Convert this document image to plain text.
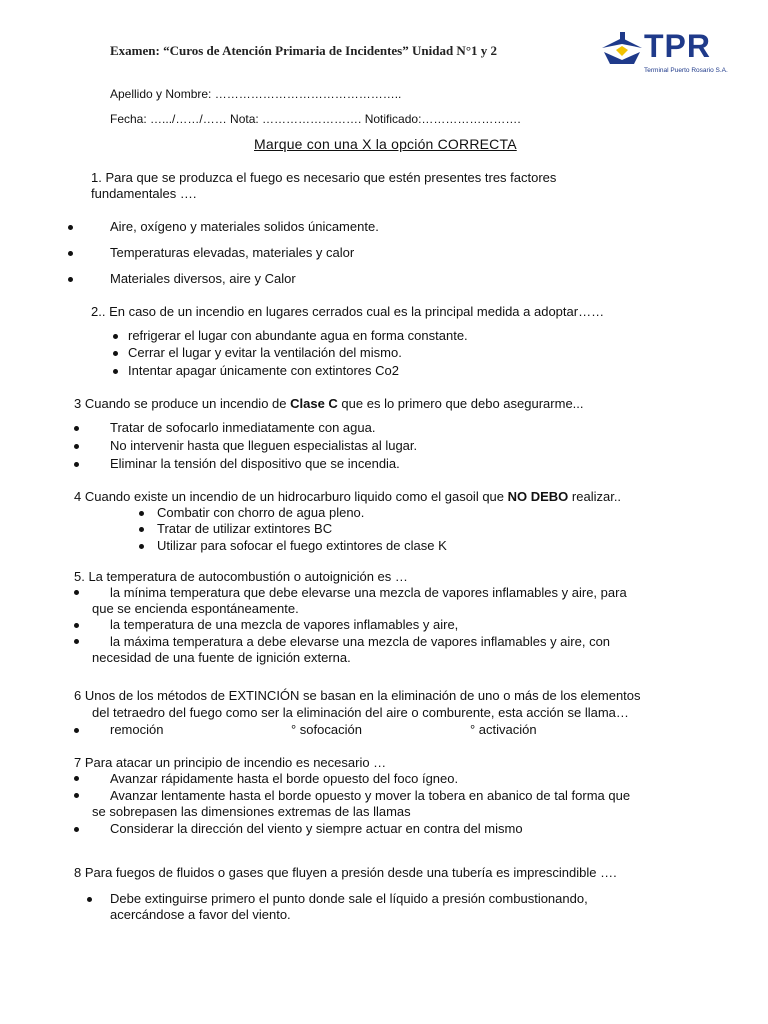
Examen: “Curos de Atención Primaria de Incidentes” Unidad N°1 y 2	TPR
Terminal Puerto Rosario S.A.
Apellido y Nombre: ………………………………………..
Fecha: ….../……/…… Nota: ……………………. Notificado:…………………….
Marque con una X la opción CORRECTA
1. Para que se produzca el fuego es necesario que estén presentes tres factores
fundamentales ….
Aire, oxígeno y materiales solidos únicamente.
Temperaturas elevadas, materiales y calor
Materiales diversos, aire y Calor
2.. En caso de un incendio en lugares cerrados cual es la principal medida a adoptar……
refrigerar el lugar con abundante agua en forma constante.
Cerrar el lugar y evitar la ventilación del mismo.
Intentar apagar únicamente con extintores Co2
3 Cuando se produce un incendio de Clase C que es lo primero que debo asegurarme...
Tratar de sofocarlo inmediatamente con agua.
No intervenir hasta que lleguen especialistas al lugar.
Eliminar la tensión del dispositivo que se incendia.
4 Cuando existe un incendio de un hidrocarburo liquido como el gasoil que NO DEBO realizar..
Combatir con chorro de agua pleno.
Tratar de utilizar extintores BC
Utilizar para sofocar el fuego extintores de clase K
5. La temperatura de autocombustión o autoignición es …
la mínima temperatura que debe elevarse una mezcla de vapores inflamables y aire, para
que se encienda espontáneamente.
la temperatura de una mezcla de vapores inflamables y aire,
la máxima temperatura a debe elevarse una mezcla de vapores inflamables y aire, con
necesidad de una fuente de ignición externa.
6 Unos de los métodos de EXTINCIÓN se basan en la eliminación de uno o más de los elementos
del tetraedro del fuego como ser la eliminación del aire o comburente, esta acción se llama…
remoción	° sofocación	° activación
7 Para atacar un principio de incendio es necesario …
Avanzar rápidamente hasta el borde opuesto del foco ígneo.
Avanzar lentamente hasta el borde opuesto y mover la tobera en abanico de tal forma que
se sobrepasen las dimensiones extremas de las llamas
Considerar la dirección del viento y siempre actuar en contra del mismo
8 Para fuegos de fluidos o gases que fluyen a presión desde una tubería es imprescindible ….
Debe extinguirse primero el punto donde sale el líquido a presión combustionando,
acercándose a favor del viento.
